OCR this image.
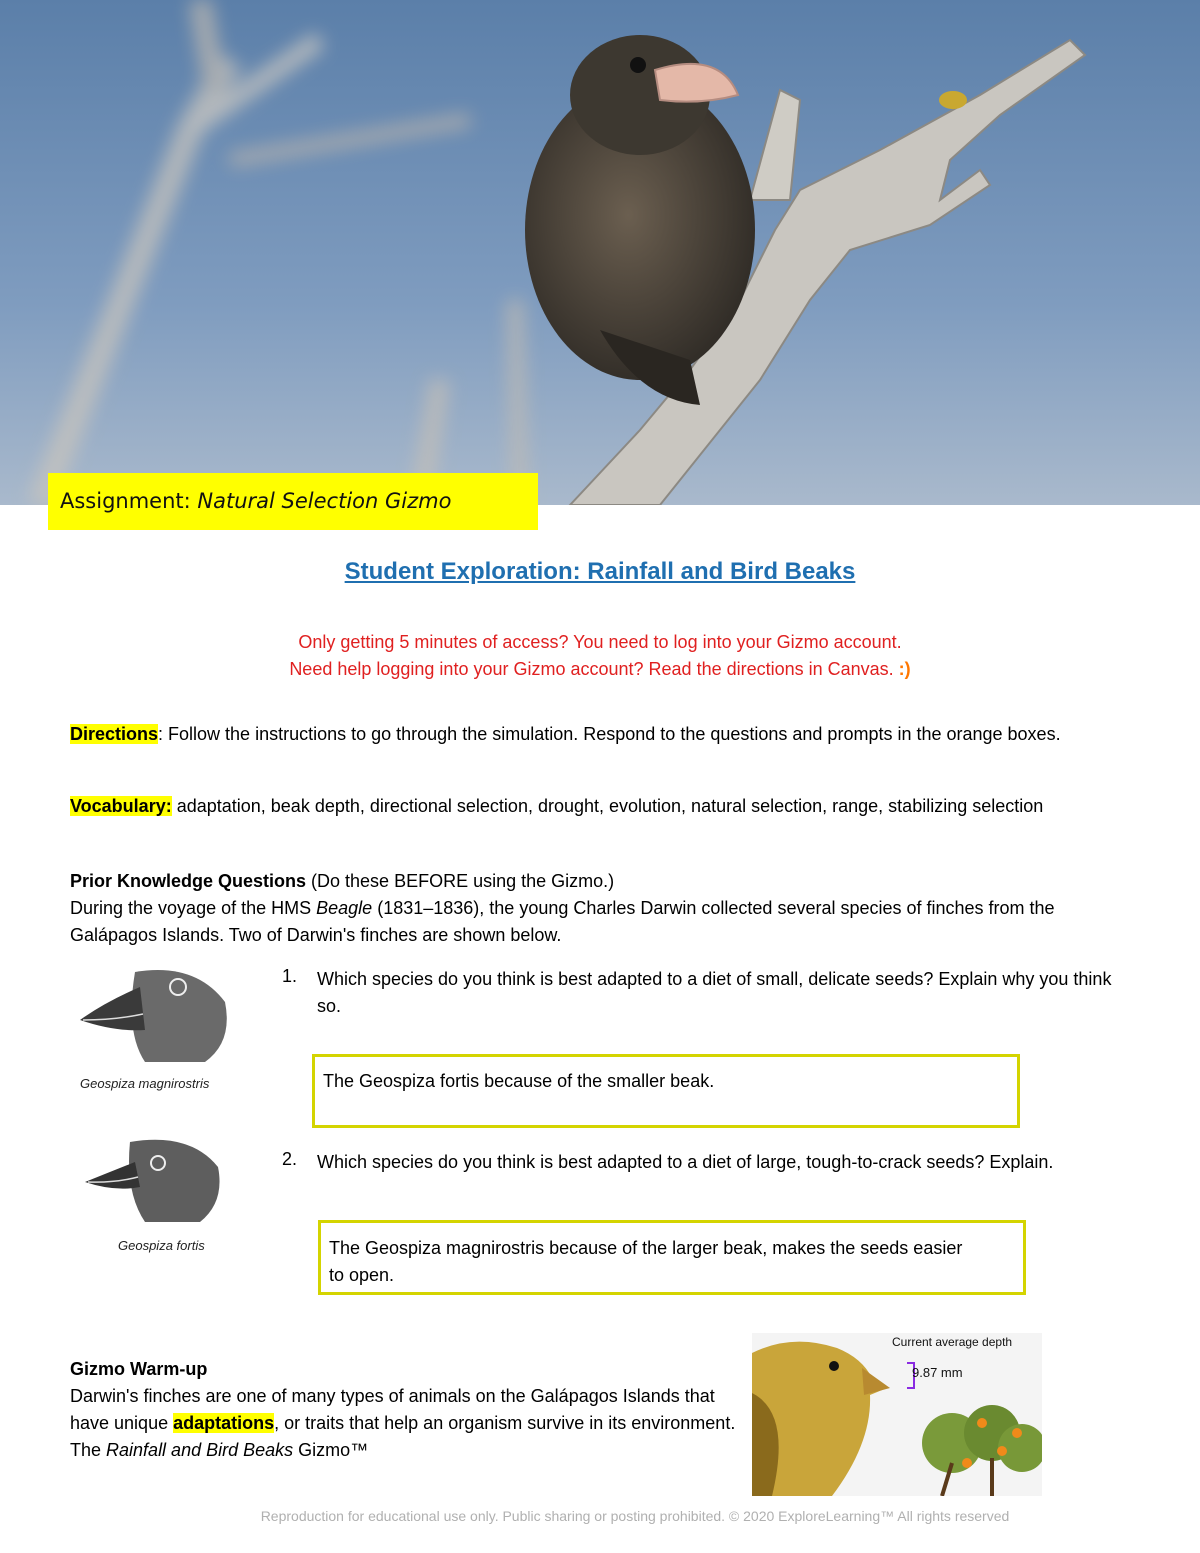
Assignment: Natural Selection Gizmo
Student Exploration: Rainfall and Bird Beaks
Only getting 5 minutes of access? You need to log into your Gizmo account.
Need help logging into your Gizmo account? Read the directions in Canvas. :)
Directions: Follow the instructions to go through the simulation. Respond to the questions and prompts in the orange boxes.
Vocabulary: adaptation, beak depth, directional selection, drought, evolution, natural selection, range, stabilizing selection
Prior Knowledge Questions (Do these BEFORE using the Gizmo.)
During the voyage of the HMS Beagle (1831–1836), the young Charles Darwin collected several species of finches from the Galápagos Islands. Two of Darwin's finches are shown below.
Geospiza magnirostris
Geospiza fortis
1. Which species do you think is best adapted to a diet of small, delicate seeds? Explain why you think so.
The Geospiza fortis because of the smaller beak.
2. Which species do you think is best adapted to a diet of large, tough-to-crack seeds? Explain.
The Geospiza magnirostris because of the larger beak, makes the seeds easier to open.
Gizmo Warm-up
Darwin's finches are one of many types of animals on the Galápagos Islands that have unique adaptations, or traits that help an organism survive in its environment. The Rainfall and Bird Beaks Gizmo™
Current average depth
9.87 mm
Reproduction for educational use only. Public sharing or posting prohibited. © 2020 ExploreLearning™ All rights reserved
